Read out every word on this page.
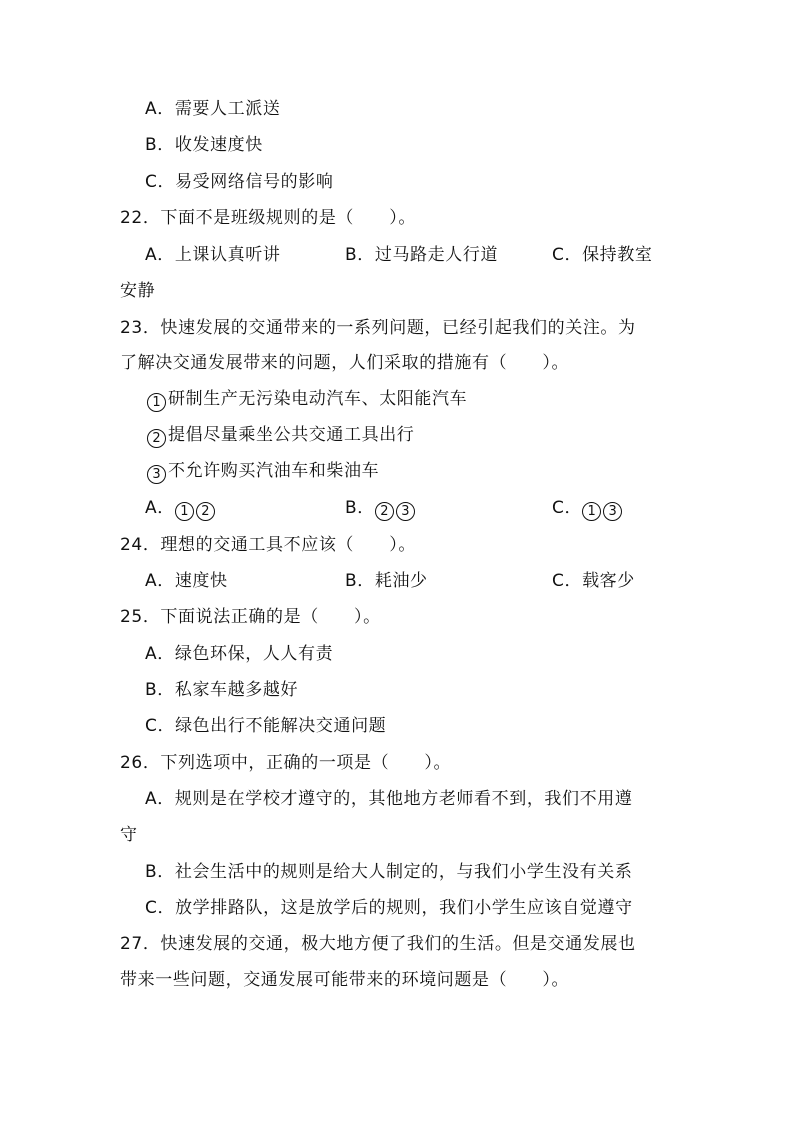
A．需要人工派送
B．收发速度快
C．易受网络信号的影响
22．下面不是班级规则的是（　　）。
A．上课认真听讲	B．过马路走人行道	C．保持教室
安静
23．快速发展的交通带来的一系列问题，已经引起我们的关注。为
了解决交通发展带来的问题，人们采取的措施有（　　）。
1 研制生产无污染电动汽车、太阳能汽车
2 提倡尽量乘坐公共交通工具出行
3 不允许购买汽油车和柴油车
A． 1 2	B． 2 3	C． 1 3
24．理想的交通工具不应该（　　）。
A．速度快	B．耗油少	C．载客少
25．下面说法正确的是（　　）。
A．绿色环保，人人有责
B．私家车越多越好
C．绿色出行不能解决交通问题
26．下列选项中，正确的一项是（　　）。
A．规则是在学校才遵守的，其他地方老师看不到，我们不用遵
守
B．社会生活中的规则是给大人制定的，与我们小学生没有关系
C．放学排路队，这是放学后的规则，我们小学生应该自觉遵守
27．快速发展的交通，极大地方便了我们的生活。但是交通发展也
带来一些问题，交通发展可能带来的环境问题是（　　）。
